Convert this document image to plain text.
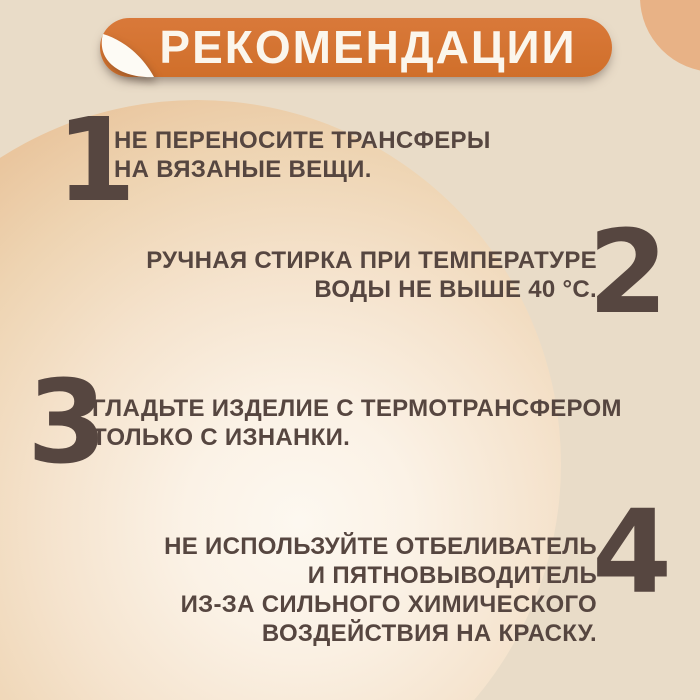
РЕКОМЕНДАЦИИ
1
НЕ ПЕРЕНОСИТЕ ТРАНСФЕРЫ
НА ВЯЗАНЫЕ ВЕЩИ.
2
РУЧНАЯ СТИРКА ПРИ ТЕМПЕРАТУРЕ
ВОДЫ НЕ ВЫШЕ 40 °С.
3
ГЛАДЬТЕ ИЗДЕЛИЕ С ТЕРМОТРАНСФЕРОМ
ТОЛЬКО С ИЗНАНКИ.
4
НЕ ИСПОЛЬЗУЙТЕ ОТБЕЛИВАТЕЛЬ
И ПЯТНОВЫВОДИТЕЛЬ
ИЗ-ЗА СИЛЬНОГО ХИМИЧЕСКОГО
ВОЗДЕЙСТВИЯ НА КРАСКУ.
